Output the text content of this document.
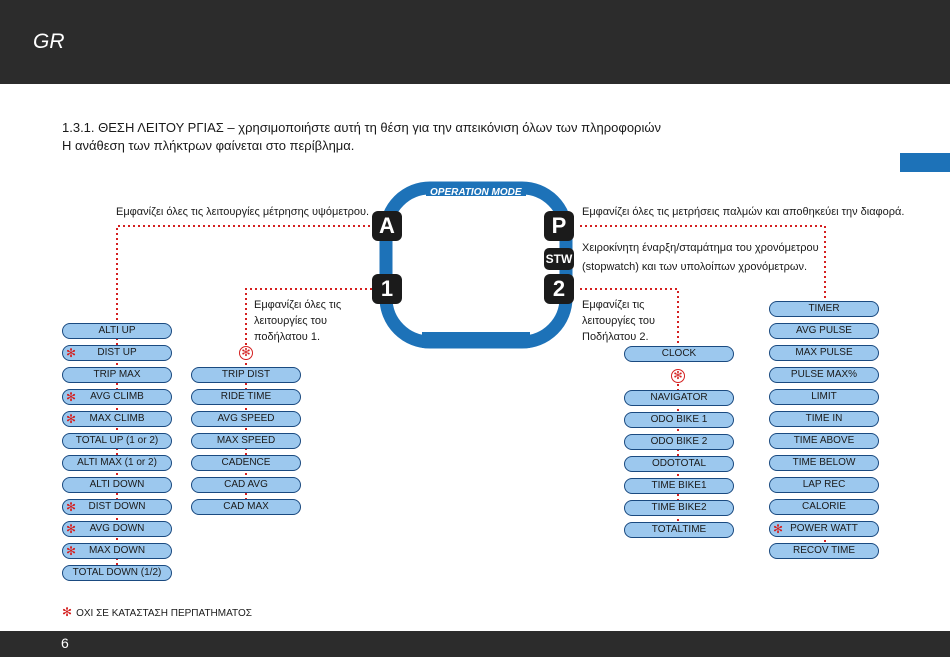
GR
1.3.1. ΘΕΣΗ ΛΕΙΤΟΥ ΡΓΙΑΣ – χρησιμοποιήστε αυτή τη θέση για την απεικόνιση όλων των πληροφοριών
Η ανάθεση των πλήκτρων φαίνεται στο περίβλημα.
OPERATION MODE
Z3 PC-LINK
A
1
P
STW
2
Εμφανίζει όλες τις λειτουργίες μέτρησης υψόμετρου.	Εμφανίζει όλες τις μετρήσεις παλμών και αποθηκεύει την διαφορά.
Χειροκίνητη έναρξη/σταμάτημα του χρονόμετρου
(stopwatch) και των υπολοίπων χρονόμετρων.
Εμφανίζει όλες τις
λειτουργίες του
ποδήλατου 1.
Εμφανίζει τις
λειτουργίες του
Ποδήλατου 2.
✻
✻
ALTI UP
DIST UP
✻
TRIP MAX
AVG CLIMB
✻
MAX CLIMB
✻
TOTAL UP (1 or 2)
ALTI MAX (1 or 2)
ALTI DOWN
DIST DOWN
✻
AVG DOWN
✻
MAX DOWN
✻
TOTAL DOWN (1/2)
TRIP DIST
RIDE TIME
AVG SPEED
MAX SPEED
CADENCE
CAD AVG
CAD MAX
CLOCK
NAVIGATOR
ODO BIKE 1
ODO BIKE 2
ODOTOTAL
TIME BIKE1
TIME BIKE2
TOTALTIME
TIMER
AVG PULSE
MAX PULSE
PULSE MAX%
LIMIT
TIME IN
TIME ABOVE
TIME BELOW
LAP REC
CALORIE
POWER WATT
✻
RECOV TIME
✻ ΟΧΙ ΣΕ ΚΑΤΑΣΤΑΣΗ ΠΕΡΠΑΤΗΜΑΤΟΣ
6
